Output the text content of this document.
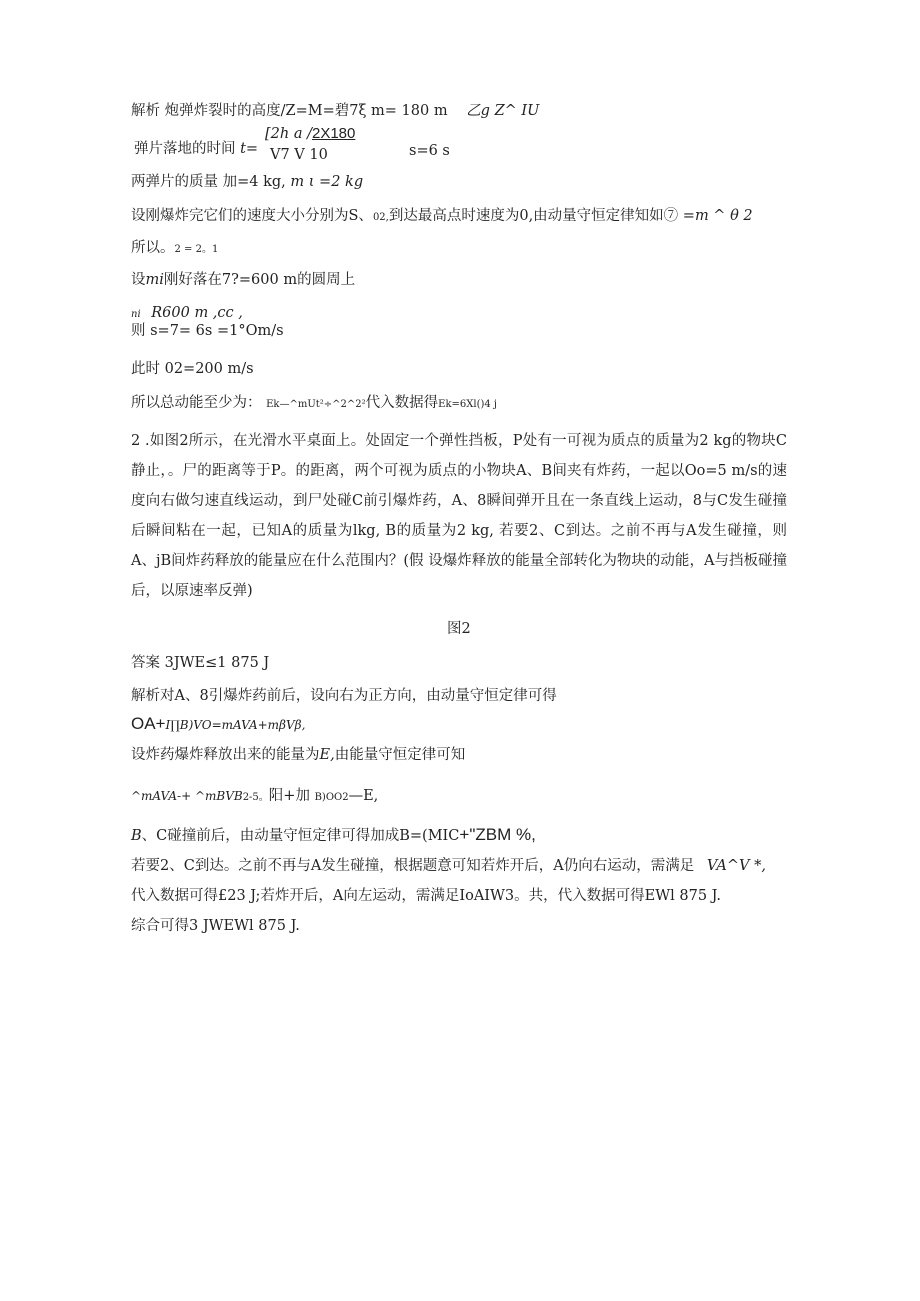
解析 炮弹炸裂时的高度/Z=M=碧7ξ m= 180 m 乙g Z^ IU
弹片落地的时间 t=
[2h a /2X180
V7 V 10	s=6 s
两弹片的质量 加=4 kg, m ι =2 kg
设刚爆炸完它们的速度大小分别为S、02,到达最高点时速度为0,由动量守恒定律知如⑦ =m ^ θ 2
所以。2 = 2。1
设mi刚好落在7?=600 m的圆周上
ni R600 m ,cc ,
则 s=7= 6s =1°Om/s
此时 02=200 m/s
所以总动能至少为： Ek—^mUt²÷^2^2²代入数据得Ek=6Xl()4 j
2 .如图2所示，在光滑水平桌面上。处固定一个弹性挡板，P处有一可视为质点的质量为2 kg的物块C静止，。尸的距离等于P。的距离，两个可视为质点的小物块A、B间夹有炸药，一起以Oo=5 m/s的速度向右做匀速直线运动，到尸处碰C前引爆炸药，A、8瞬间弹开且在一条直线上运动，8与C发生碰撞后瞬间粘在一起，已知A的质量为lkg, B的质量为2 kg, 若要2、C到达。之前不再与A发生碰撞，则A、jB间炸药释放的能量应在什么范围内？(假 设爆炸释放的能量全部转化为物块的动能，A与挡板碰撞后，以原速率反弹)
图2
答案 3JWE≤1 875 J
解析对A、8引爆炸药前后，设向右为正方向，由动量守恒定律可得
OA+I∏B)VO=mAVA+mβVβ,
设炸药爆炸释放出来的能量为E,由能量守恒定律可知
^mAVA-+ ^mBVB2-5。阳+加 B)OO2—E,
B、C碰撞前后，由动量守恒定律可得加成B=(MIC+"ZBM %,
若要2、C到达。之前不再与A发生碰撞，根据题意可知若炸开后，A仍向右运动，需满足 VA^V *,
代入数据可得£23 J;若炸开后，A向左运动，需满足IoAIW3。共，代入数据可得EWl 875 J.
综合可得3 JWEWl 875 J.
